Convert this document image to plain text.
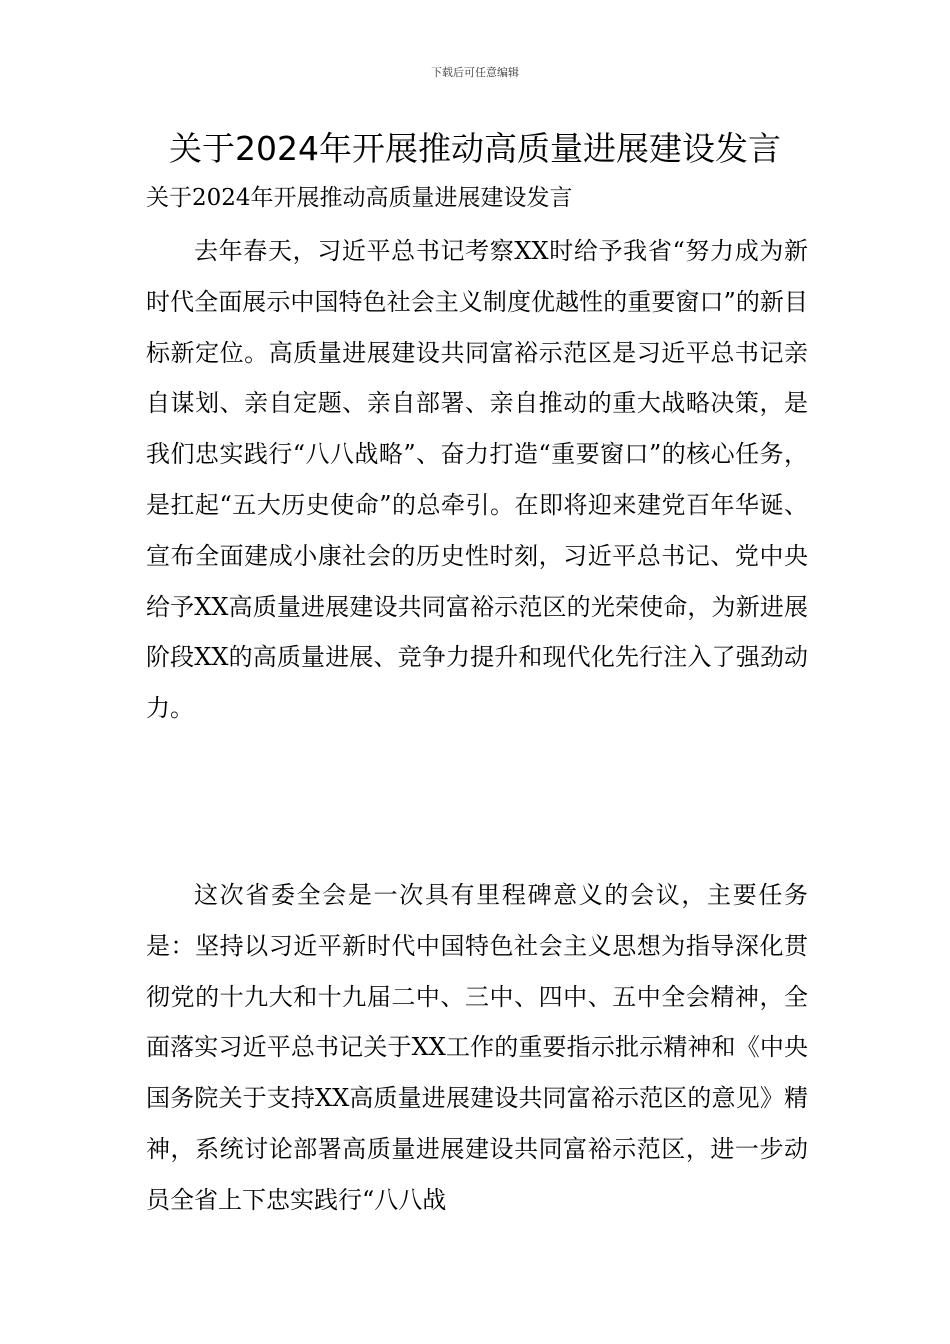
下载后可任意编辑
关于2024年开展推动高质量进展建设发言
关于2024年开展推动高质量进展建设发言

去年春天，习近平总书记考察XX时给予我省“努力成为新时代全面展示中国特色社会主义制度优越性的重要窗口”的新目标新定位。高质量进展建设共同富裕示范区是习近平总书记亲自谋划、亲自定题、亲自部署、亲自推动的重大战略决策，是我们忠实践行“八八战略”、奋力打造“重要窗口”的核心任务，是扛起“五大历史使命”的总牵引。在即将迎来建党百年华诞、宣布全面建成小康社会的历史性时刻，习近平总书记、党中央给予XX高质量进展建设共同富裕示范区的光荣使命，为新进展阶段XX的高质量进展、竞争力提升和现代化先行注入了强劲动力。

这次省委全会是一次具有里程碑意义的会议，主要任务是：坚持以习近平新时代中国特色社会主义思想为指导深化贯彻党的十九大和十九届二中、三中、四中、五中全会精神，全面落实习近平总书记关于XX工作的重要指示批示精神和《中央国务院关于支持XX高质量进展建设共同富裕示范区的意见》精神，系统讨论部署高质量进展建设共同富裕示范区，进一步动员全省上下忠实践行“八八战
